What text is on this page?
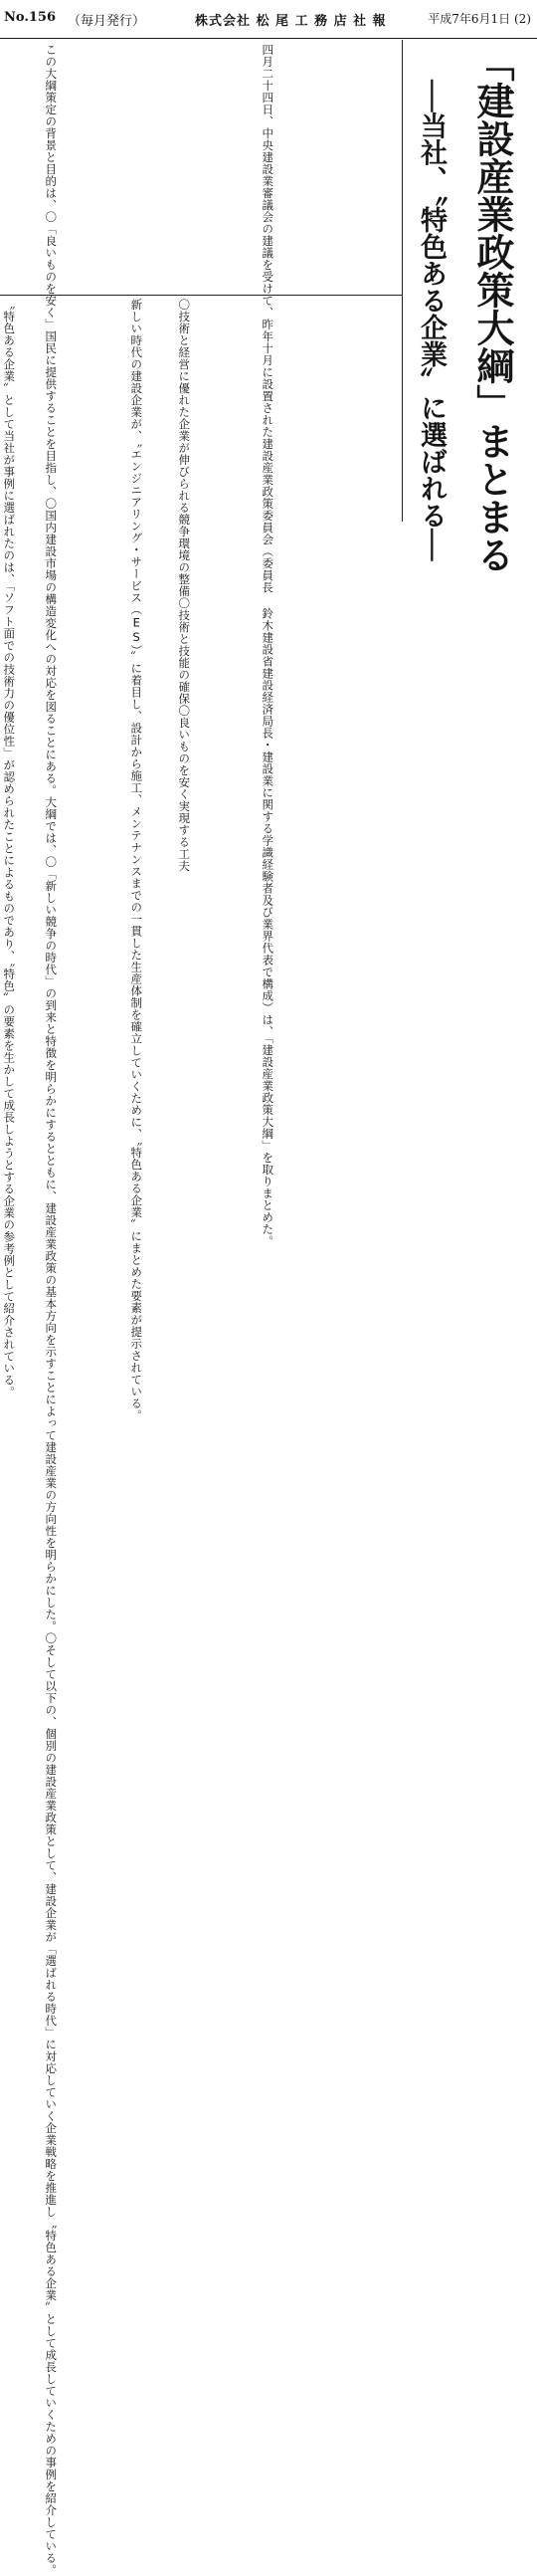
No.156 （毎月発行）	株式会社 松 尾 工 務 店 社 報	平成7年6月1日 (2)
「建設産業政策大綱」まとまる
──当社、〝特色ある企業〟に選ばれる──
四月二十四日、中央建設業審議会の建議を受けて、昨年十月に設置された建設産業政策委員会（委員長 鈴木建設省建設経済局長・建設業に関する学識経験者及び業界代表で構成）は、「建設産業政策大綱」を取りまとめた。
この大綱策定の背景と目的は、〇「良いものを安く」国民に提供することを目指し、〇国内建設市場の構造変化への対応を図ることにある。大綱では、〇「新しい競争の時代」の到来と特徴を明らかにするとともに、建設産業政策の基本方向を示すことによって建設産業の方向性を明らかにした。〇そして以下の、個別の建設産業政策として、建設企業が「選ばれる時代」に対応していく企業戦略を推進し〝特色ある企業〟として成長していくための事例を紹介している。	〇技術と経営に優れた企業が伸びられる競争環境の整備〇技術と技能の確保〇良いものを安く実現する工夫
新しい時代の建設企業が、〝エンジニアリング・サービス（ES）〟に着目し、設計から施工、メンテナンスまでの一貫した生産体制を確立していくために、〝特色ある企業〟にまとめた要素が提示されている。
〝特色ある企業〟として当社が事例に選ばれたのは、「ソフト面での技術力の優位性」が認められたことによるものであり、〝特色〟の要素を生かして成長しようとする企業の参考例として紹介されている。
